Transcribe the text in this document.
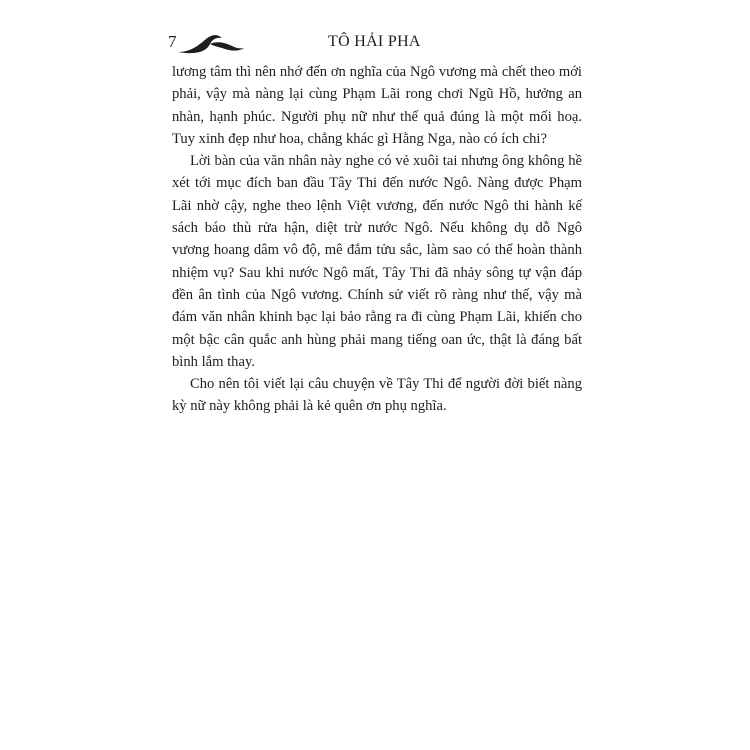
7	TÔ HẢI PHA

lương tâm thì nên nhớ đến ơn nghĩa của Ngô vương mà chết theo mới phải, vậy mà nàng lại cùng Phạm Lãi rong chơi Ngũ Hồ, hưởng an nhàn, hạnh phúc. Người phụ nữ như thế quả đúng là một mối hoạ. Tuy xinh đẹp như hoa, chẳng khác gì Hằng Nga, nào có ích chi?

Lời bàn của văn nhân này nghe có vẻ xuôi tai nhưng ông không hề xét tới mục đích ban đầu Tây Thi đến nước Ngô. Nàng được Phạm Lãi nhờ cậy, nghe theo lệnh Việt vương, đến nước Ngô thi hành kế sách báo thù rửa hận, diệt trừ nước Ngô. Nếu không dụ dỗ Ngô vương hoang dâm vô độ, mê đắm tửu sắc, làm sao có thể hoàn thành nhiệm vụ? Sau khi nước Ngô mất, Tây Thi đã nhảy sông tự vận đáp đền ân tình của Ngô vương. Chính sử viết rõ ràng như thế, vậy mà đám văn nhân khinh bạc lại bảo rằng ra đi cùng Phạm Lãi, khiến cho một bậc cân quắc anh hùng phải mang tiếng oan ức, thật là đáng bất bình lắm thay.

Cho nên tôi viết lại câu chuyện về Tây Thi để người đời biết nàng kỳ nữ này không phải là kẻ quên ơn phụ nghĩa.
